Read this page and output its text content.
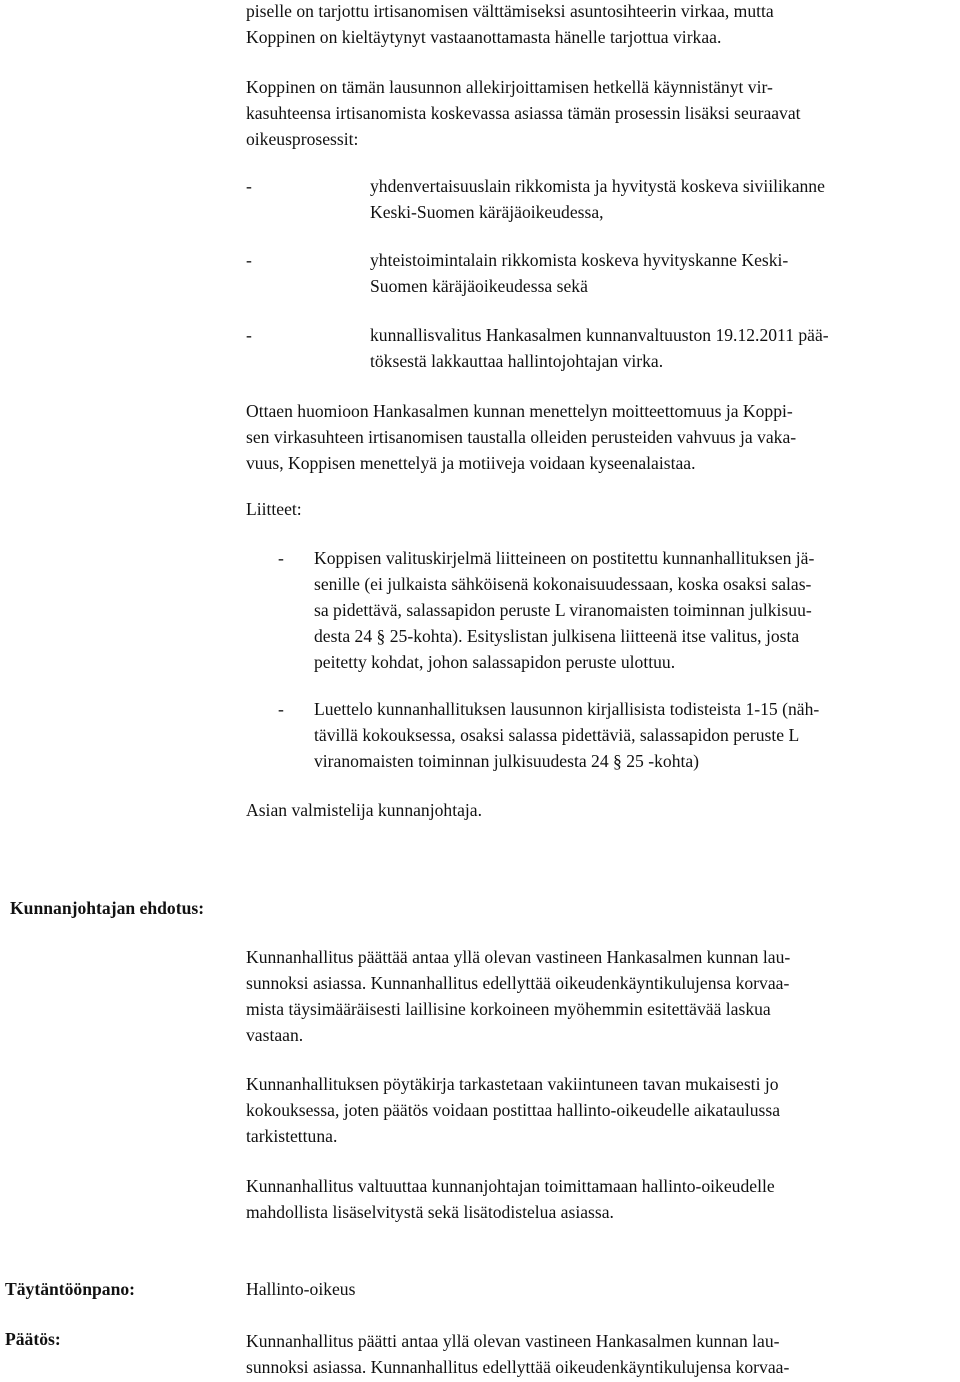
piselle on tarjottu irtisanomisen välttämiseksi asuntosihteerin virkaa, mutta

Koppinen on kieltäytynyt vastaanottamasta hänelle tarjottua virkaa.

Koppinen on tämän lausunnon allekirjoittamisen hetkellä käynnistänyt vir-

kasuhteensa irtisanomista koskevassa asiassa tämän prosessin lisäksi seuraavat

oikeusprosessit:

-	yhdenvertaisuuslain rikkomista ja hyvitystä koskeva siviilikanne

Keski-Suomen käräjäoikeudessa,

-	yhteistoimintalain rikkomista koskeva hyvityskanne Keski-

Suomen käräjäoikeudessa sekä

-	kunnallisvalitus Hankasalmen kunnanvaltuuston 19.12.2011 pää-

töksestä lakkauttaa hallintojohtajan virka.

Ottaen huomioon Hankasalmen kunnan menettelyn moitteettomuus ja Koppi-

sen virkasuhteen irtisanomisen taustalla olleiden perusteiden vahvuus ja vaka-

vuus, Koppisen menettelyä ja motiiveja voidaan kyseenalaistaa.

Liitteet:
- Koppisen valituskirjelmä liitteineen on postitettu kunnanhallituksen jä-

senille (ei julkaista sähköisenä kokonaisuudessaan, koska osaksi salas-

sa pidettävä, salassapidon peruste L viranomaisten toiminnan julkisuu-

desta 24 § 25-kohta). Esityslistan julkisena liitteenä itse valitus, josta

peitetty kohdat, johon salassapidon peruste ulottuu.

- Luettelo kunnanhallituksen lausunnon kirjallisista todisteista 1-15 (näh-

tävillä kokouksessa, osaksi salassa pidettäviä, salassapidon peruste L

viranomaisten toiminnan julkisuudesta 24 § 25 -kohta)

Asian valmistelija kunnanjohtaja.
Kunnanjohtajan ehdotus:

Kunnanhallitus päättää antaa yllä olevan vastineen Hankasalmen kunnan lau-

sunnoksi asiassa. Kunnanhallitus edellyttää oikeudenkäyntikulujensa korvaa-

mista täysimääräisesti laillisine korkoineen myöhemmin esitettävää laskua

vastaan.

Kunnanhallituksen pöytäkirja tarkastetaan vakiintuneen tavan mukaisesti jo

kokouksessa, joten päätös voidaan postittaa hallinto-oikeudelle aikataulussa

tarkistettuna.

Kunnanhallitus valtuuttaa kunnanjohtajan toimittamaan hallinto-oikeudelle

mahdollista lisäselvitystä sekä lisätodistelua asiassa.

Täytäntöönpano:	Hallinto-oikeus
Päätös:	Kunnanhallitus päätti antaa yllä olevan vastineen Hankasalmen kunnan lau-

sunnoksi asiassa. Kunnanhallitus edellyttää oikeudenkäyntikulujensa korvaa-
